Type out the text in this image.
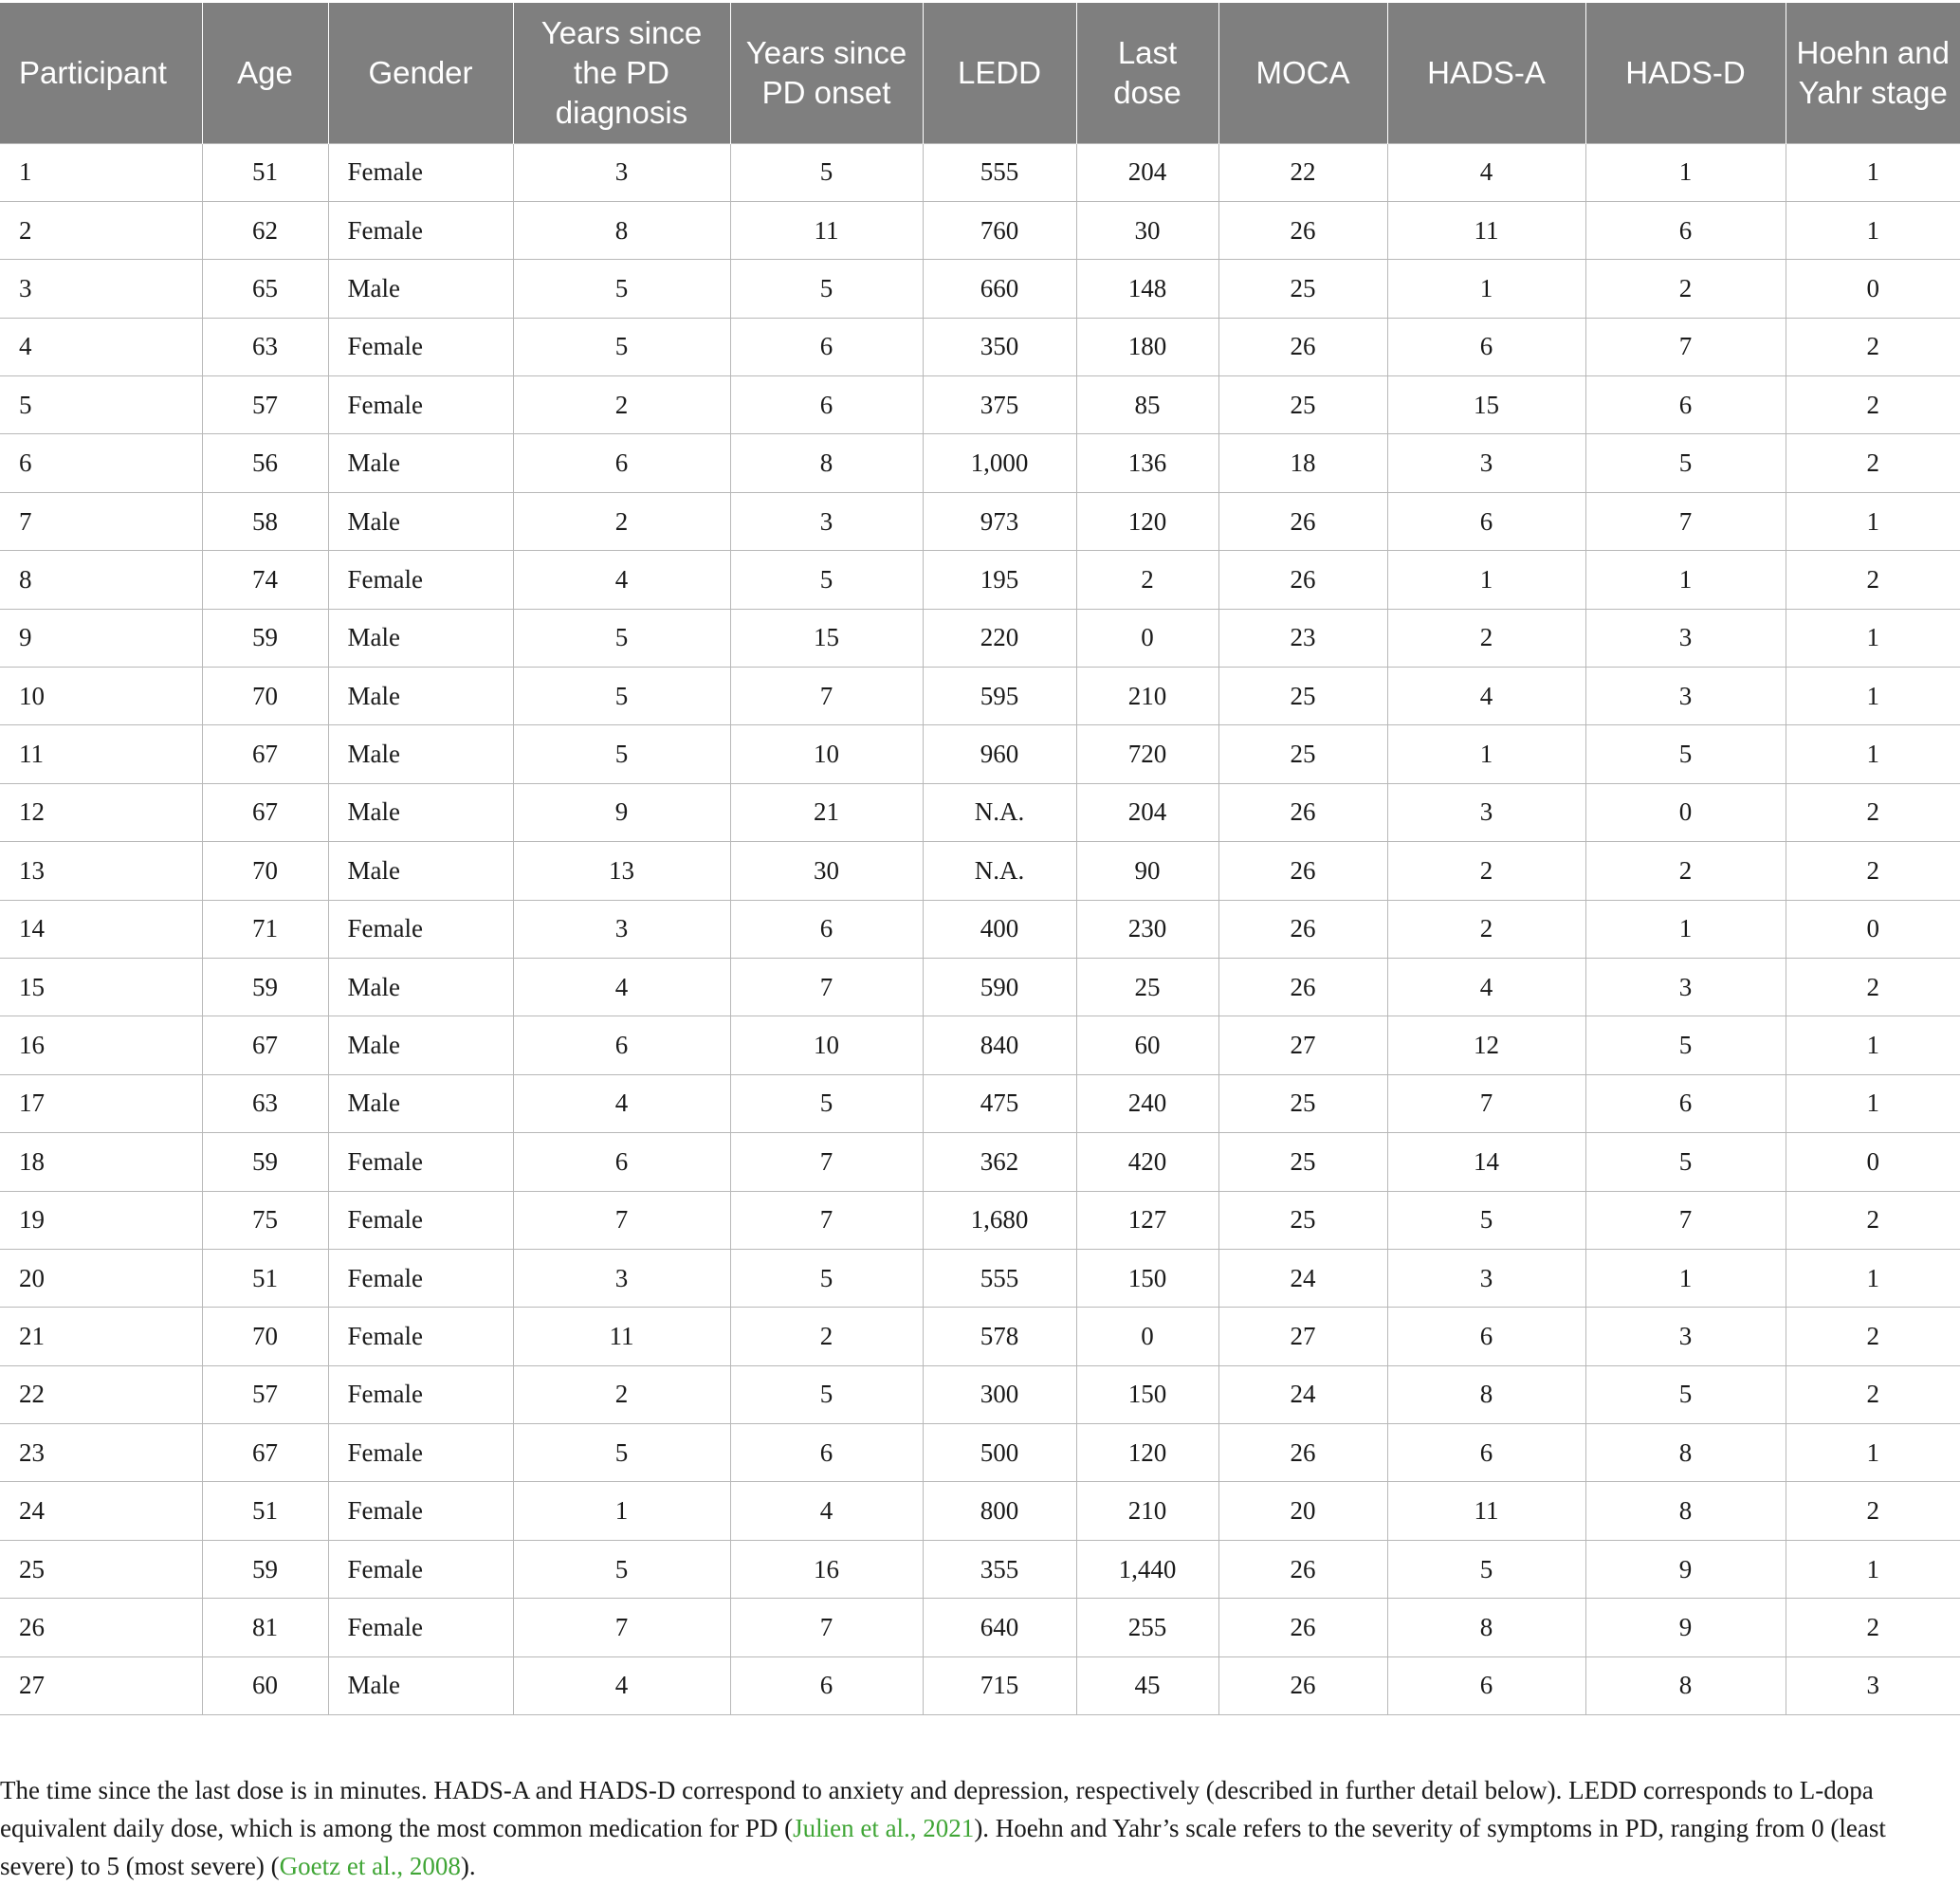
Participant	Age	Gender	Years since the PD diagnosis	Years since PD onset	LEDD	Last dose	MOCA	HADS-A	HADS-D	Hoehn and Yahr stage
1	51	Female	3	5	555	204	22	4	1	1
2	62	Female	8	11	760	30	26	11	6	1
3	65	Male	5	5	660	148	25	1	2	0
4	63	Female	5	6	350	180	26	6	7	2
5	57	Female	2	6	375	85	25	15	6	2
6	56	Male	6	8	1,000	136	18	3	5	2
7	58	Male	2	3	973	120	26	6	7	1
8	74	Female	4	5	195	2	26	1	1	2
9	59	Male	5	15	220	0	23	2	3	1
10	70	Male	5	7	595	210	25	4	3	1
11	67	Male	5	10	960	720	25	1	5	1
12	67	Male	9	21	N.A.	204	26	3	0	2
13	70	Male	13	30	N.A.	90	26	2	2	2
14	71	Female	3	6	400	230	26	2	1	0
15	59	Male	4	7	590	25	26	4	3	2
16	67	Male	6	10	840	60	27	12	5	1
17	63	Male	4	5	475	240	25	7	6	1
18	59	Female	6	7	362	420	25	14	5	0
19	75	Female	7	7	1,680	127	25	5	7	2
20	51	Female	3	5	555	150	24	3	1	1
21	70	Female	11	2	578	0	27	6	3	2
22	57	Female	2	5	300	150	24	8	5	2
23	67	Female	5	6	500	120	26	6	8	1
24	51	Female	1	4	800	210	20	11	8	2
25	59	Female	5	16	355	1,440	26	5	9	1
26	81	Female	7	7	640	255	26	8	9	2
27	60	Male	4	6	715	45	26	6	8	3
The time since the last dose is in minutes. HADS-A and HADS-D correspond to anxiety and depression, respectively (described in further detail below). LEDD corresponds to L-dopa equivalent daily dose, which is among the most common medication for PD (Julien et al., 2021). Hoehn and Yahr’s scale refers to the severity of symptoms in PD, ranging from 0 (least severe) to 5 (most severe) (Goetz et al., 2008).
